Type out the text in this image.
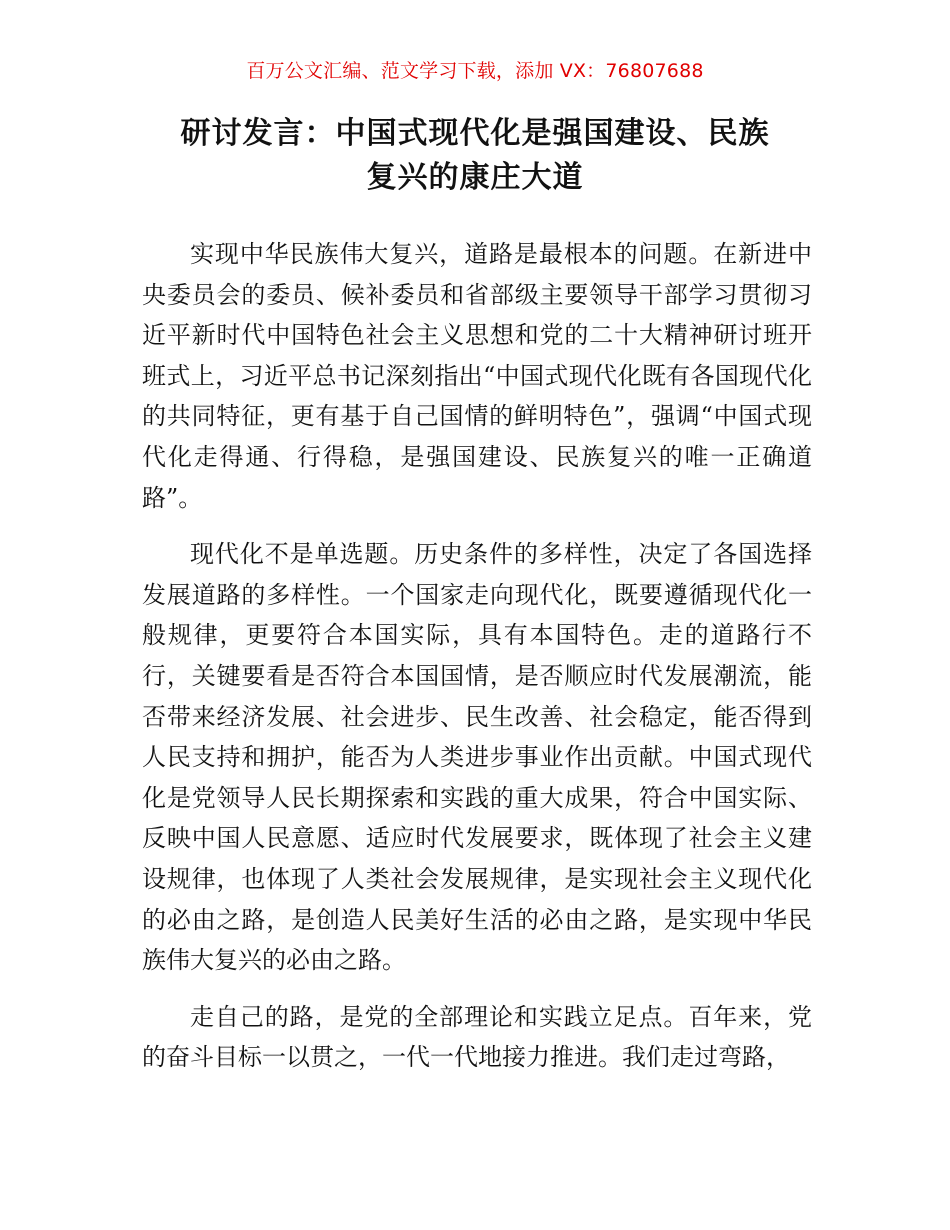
百万公文汇编、范文学习下载，添加 VX：76807688
研讨发言：中国式现代化是强国建设、民族
复兴的康庄大道

实现中华民族伟大复兴，道路是最根本的问题。在新进中央委员会的委员、候补委员和省部级主要领导干部学习贯彻习近平新时代中国特色社会主义思想和党的二十大精神研讨班开班式上，习近平总书记深刻指出“中国式现代化既有各国现代化的共同特征，更有基于自己国情的鲜明特色”，强调“中国式现代化走得通、行得稳，是强国建设、民族复兴的唯一正确道路”。

现代化不是单选题。历史条件的多样性，决定了各国选择发展道路的多样性。一个国家走向现代化，既要遵循现代化一般规律，更要符合本国实际，具有本国特色。走的道路行不行，关键要看是否符合本国国情，是否顺应时代发展潮流，能否带来经济发展、社会进步、民生改善、社会稳定，能否得到人民支持和拥护，能否为人类进步事业作出贡献。中国式现代化是党领导人民长期探索和实践的重大成果，符合中国实际、反映中国人民意愿、适应时代发展要求，既体现了社会主义建设规律，也体现了人类社会发展规律，是实现社会主义现代化的必由之路，是创造人民美好生活的必由之路，是实现中华民族伟大复兴的必由之路。

走自己的路，是党的全部理论和实践立足点。百年来，党的奋斗目标一以贯之，一代一代地接力推进。我们走过弯路，
